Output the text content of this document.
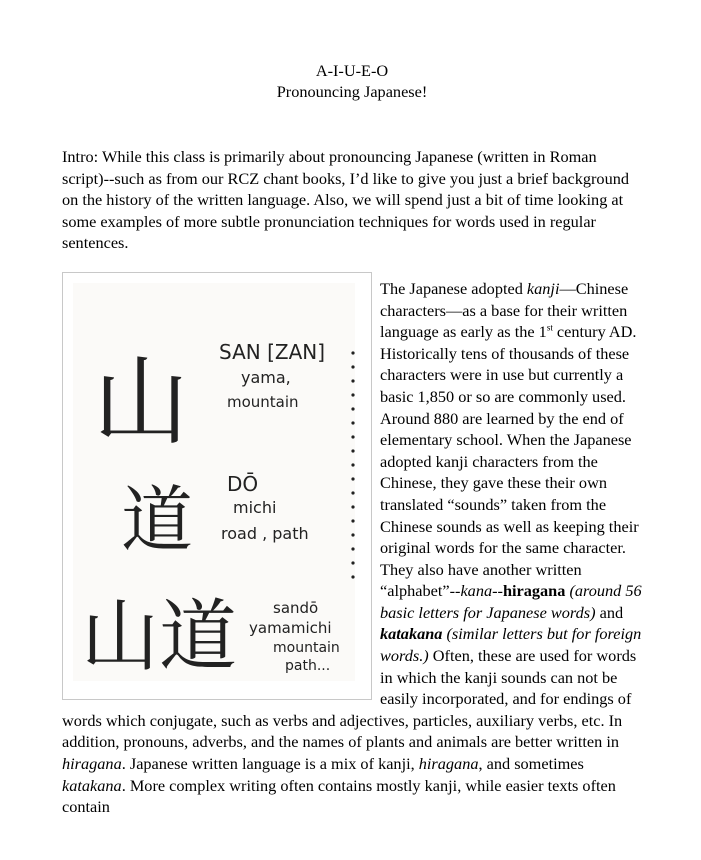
A-I-U-E-O
Pronouncing Japanese!

Intro: While this class is primarily about pronouncing Japanese (written in Roman script)--such as from our RCZ chant books, I’d like to give you just a brief background on the history of the written language. Also, we will spend just a bit of time looking at some examples of more subtle pronunciation techniques for words used in regular sentences.

山
道
山道
SAN [ZAN]
yama,
mountain
DŌ
michi
road , path
sandō
yamamichi
mountain
path...

The Japanese adopted kanji—Chinese characters—as a base for their written language as early as the 1st century AD. Historically tens of thousands of these characters were in use but currently a basic 1,850 or so are commonly used. Around 880 are learned by the end of elementary school. When the Japanese adopted kanji characters from the Chinese, they gave these their own translated “sounds” taken from the Chinese sounds as well as keeping their original words for the same character. They also have another written “alphabet”--kana--hiragana (around 56 basic letters for Japanese words) and katakana (similar letters but for foreign words.) Often, these are used for words in which the kanji sounds can not be easily incorporated, and for endings of words which conjugate, such as verbs and adjectives, particles, auxiliary verbs, etc. In addition, pronouns, adverbs, and the names of plants and animals are better written in hiragana. Japanese written language is a mix of kanji, hiragana, and sometimes katakana. More complex writing often contains mostly kanji, while easier texts often contain
